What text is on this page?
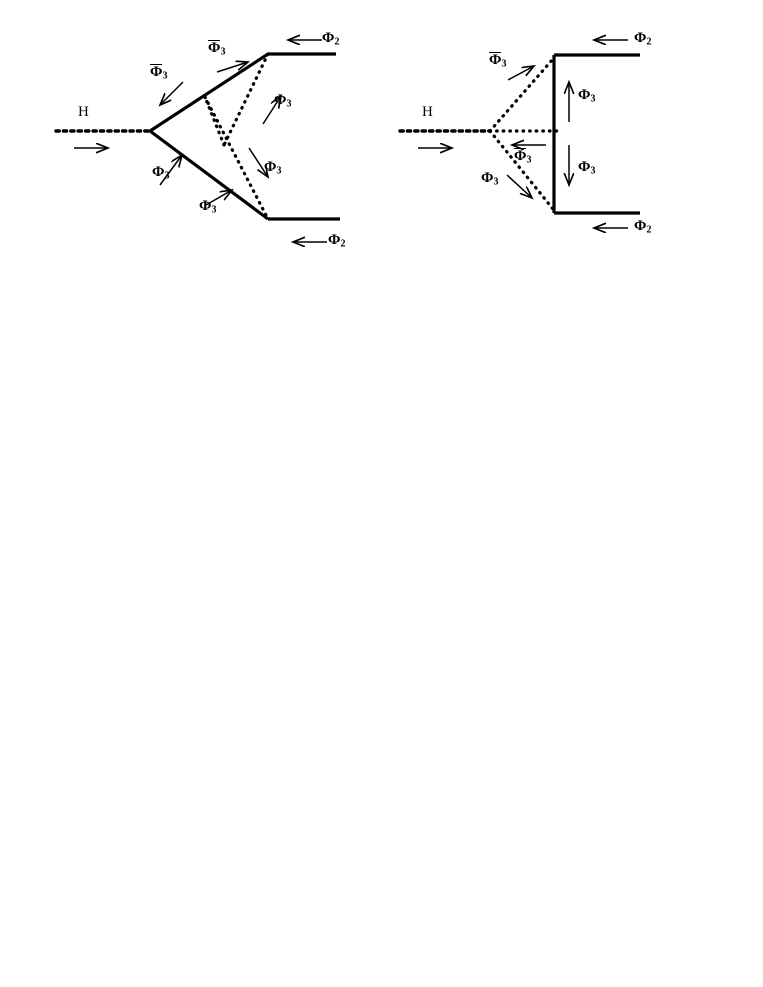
H
$\Phi_2$
$\Phi_2$
$\Phi_3$
$\Phi_3$
$\Phi_3$
$\Phi_3$
$\Phi_3$
$\Phi_3$
H
$\Phi_2$
$\Phi_2$
$\Phi_3$
$\Phi_3$
$\Phi_3$
$\Phi_3$
$\Phi_3$
